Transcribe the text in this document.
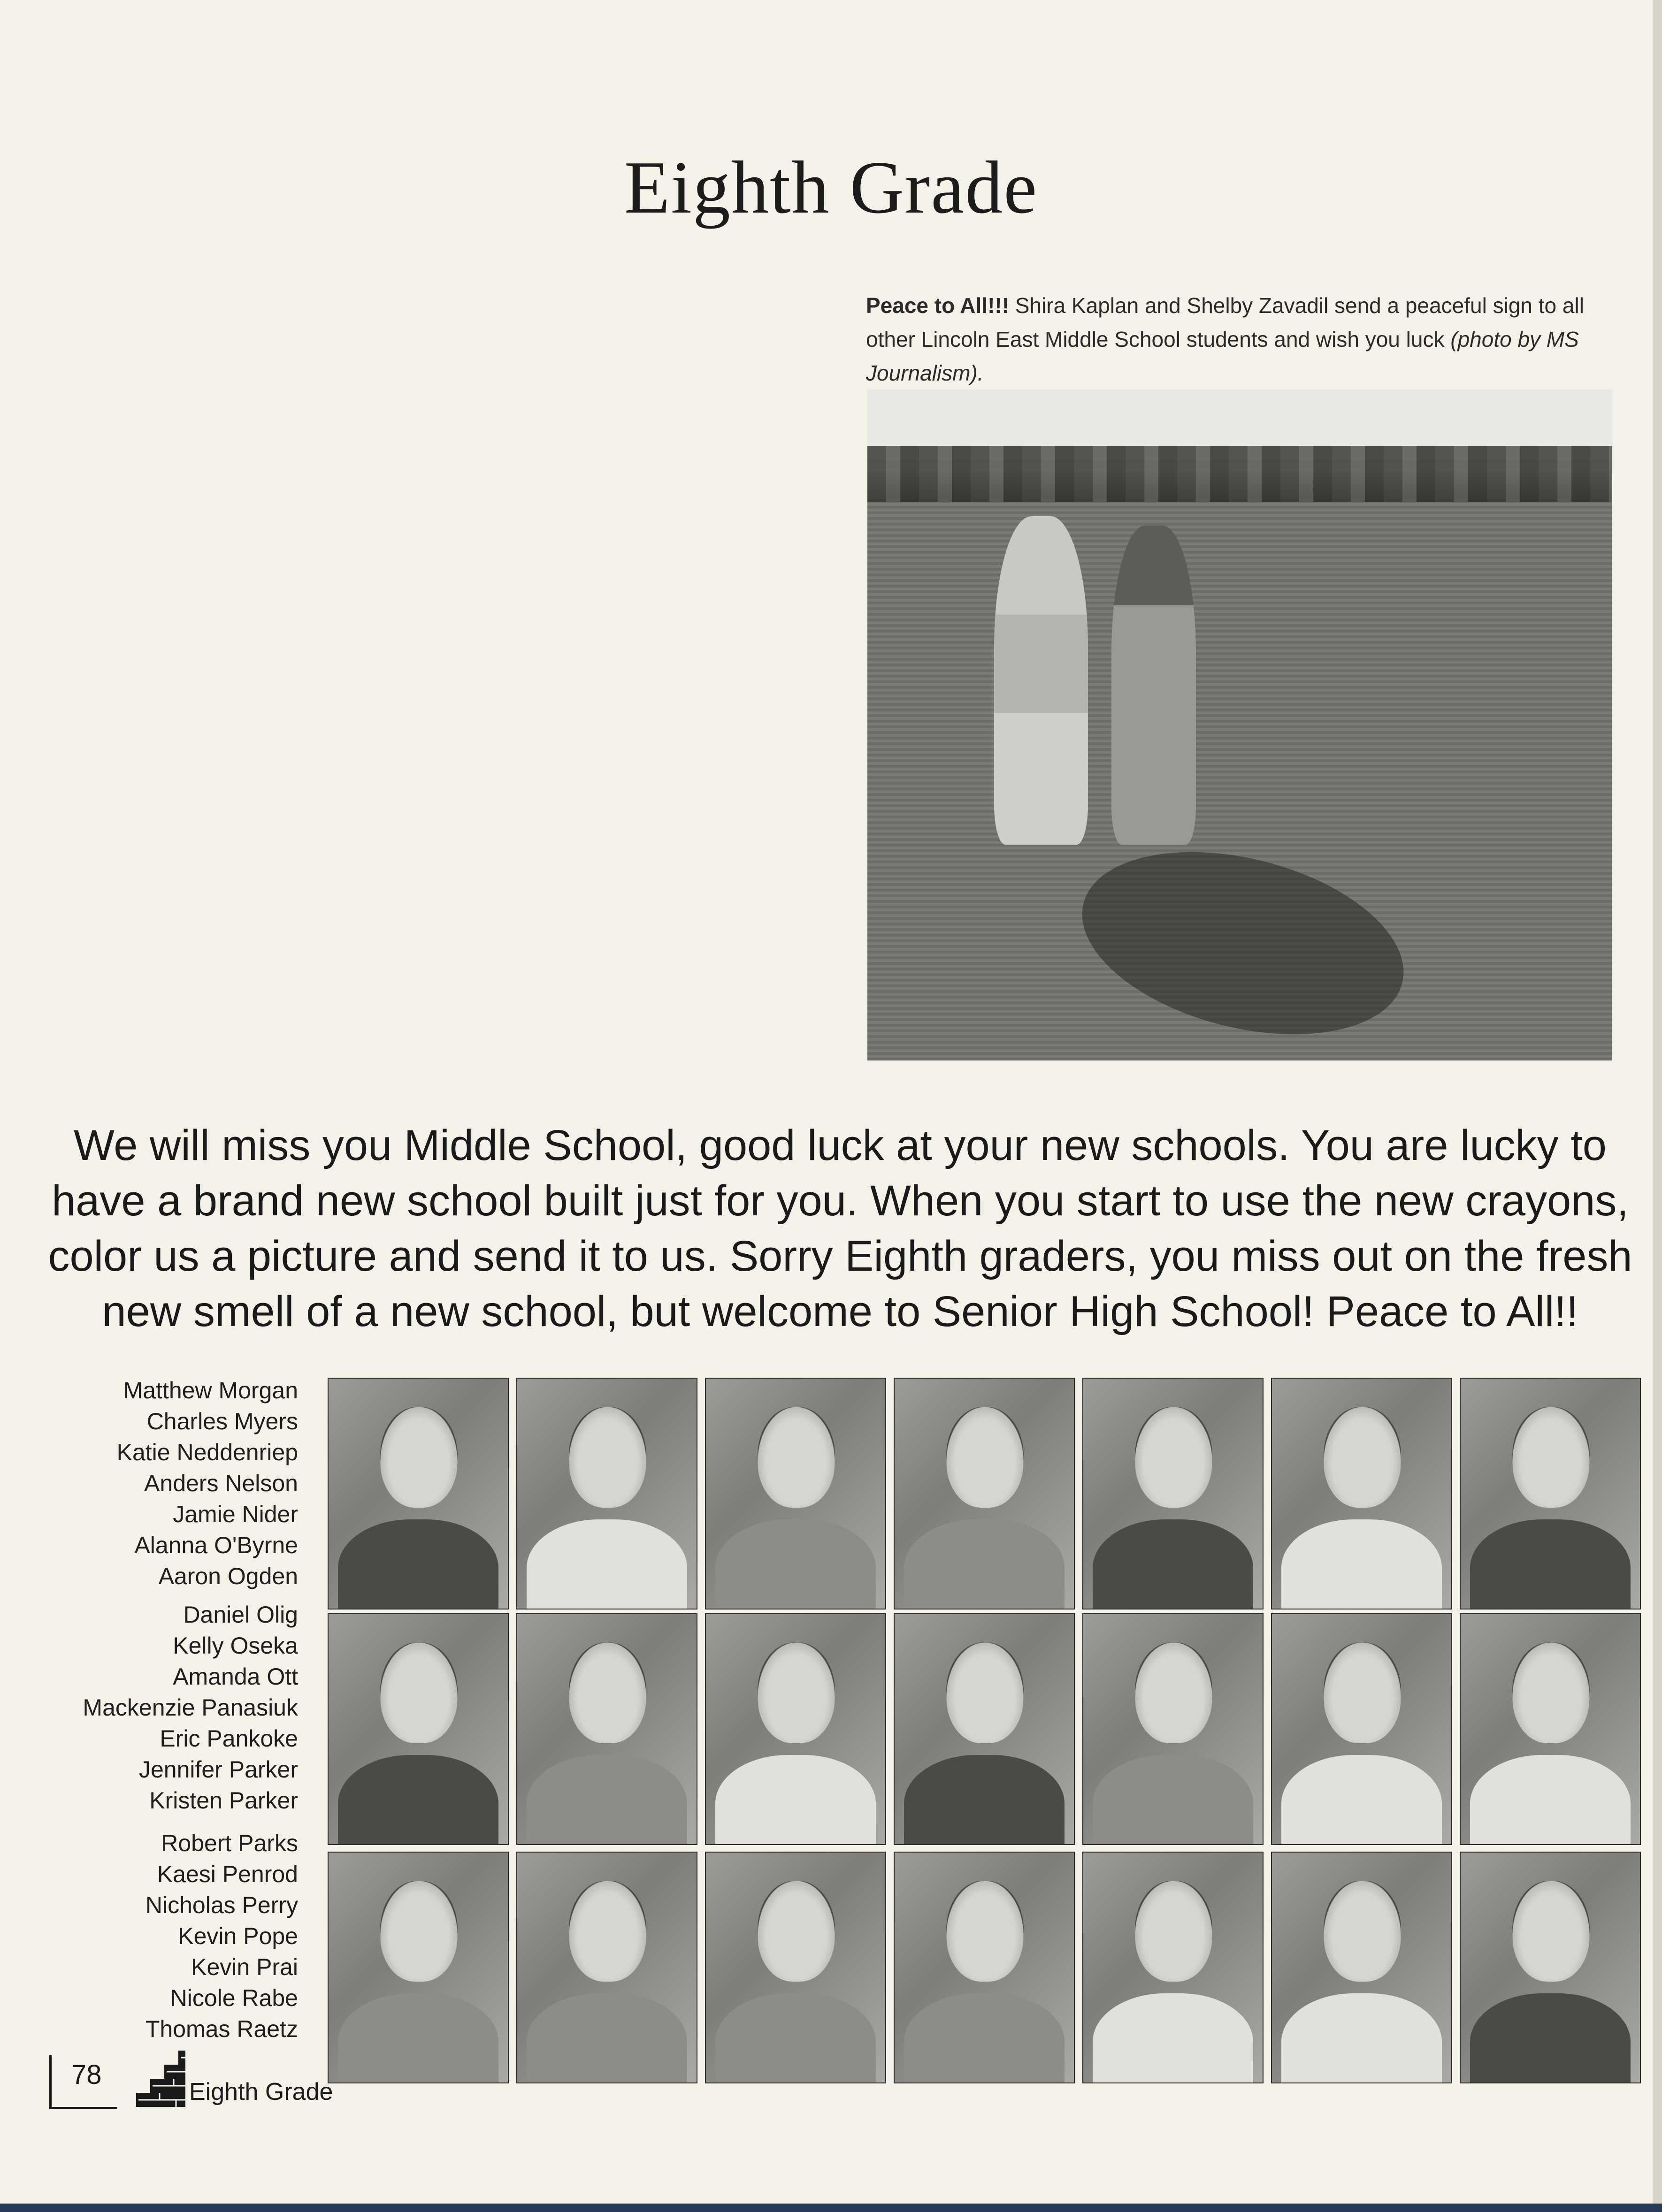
Eighth Grade
Peace to All!!! Shira Kaplan and Shelby Zavadil send a peaceful sign to all other Lincoln East Middle School students and wish you luck (photo by MS Journalism).

We will miss you Middle School, good luck at your new schools. You are lucky to have a brand new school built just for you. When you start to use the new crayons, color us a picture and send it to us. Sorry Eighth graders, you miss out on the fresh new smell of a new school, but welcome to Senior High School! Peace to All!!

Matthew Morgan
Charles Myers
Katie Neddenriep
Anders Nelson
Jamie Nider
Alanna O'Byrne
Aaron Ogden
Daniel Olig
Kelly Oseka
Amanda Ott
Mackenzie Panasiuk
Eric Pankoke
Jennifer Parker
Kristen Parker
Robert Parks
Kaesi Penrod
Nicholas Perry
Kevin Pope
Kevin Prai
Nicole Rabe
Thomas Raetz
78
Eighth Grade
